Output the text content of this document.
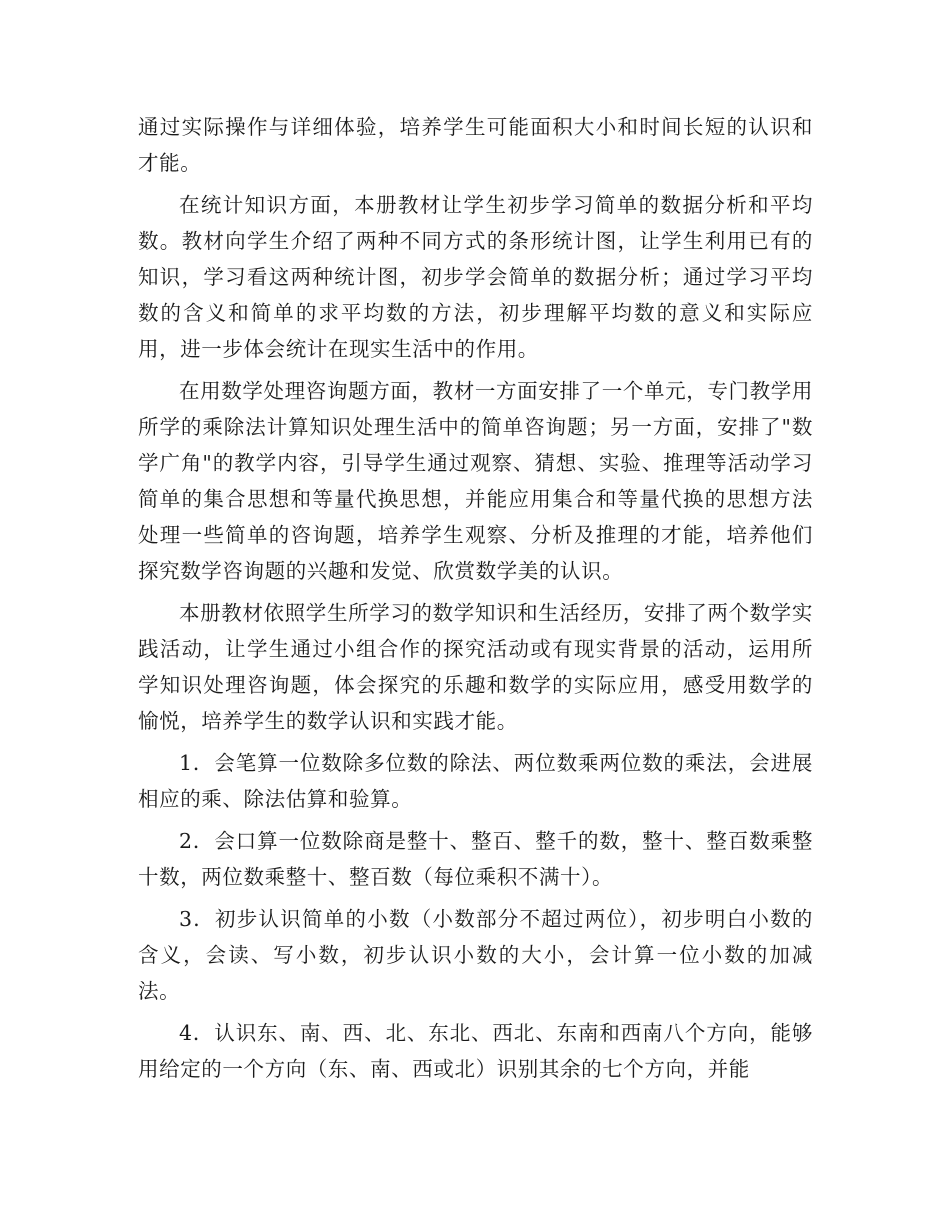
通过实际操作与详细体验，培养学生可能面积大小和时间长短的认识和才能。

在统计知识方面，本册教材让学生初步学习简单的数据分析和平均数。教材向学生介绍了两种不同方式的条形统计图，让学生利用已有的知识，学习看这两种统计图，初步学会简单的数据分析；通过学习平均数的含义和简单的求平均数的方法，初步理解平均数的意义和实际应用，进一步体会统计在现实生活中的作用。

在用数学处理咨询题方面，教材一方面安排了一个单元，专门教学用所学的乘除法计算知识处理生活中的简单咨询题；另一方面，安排了"数学广角"的教学内容，引导学生通过观察、猜想、实验、推理等活动学习简单的集合思想和等量代换思想，并能应用集合和等量代换的思想方法处理一些简单的咨询题，培养学生观察、分析及推理的才能，培养他们探究数学咨询题的兴趣和发觉、欣赏数学美的认识。

本册教材依照学生所学习的数学知识和生活经历，安排了两个数学实践活动，让学生通过小组合作的探究活动或有现实背景的活动，运用所学知识处理咨询题，体会探究的乐趣和数学的实际应用，感受用数学的愉悦，培养学生的数学认识和实践才能。

1．会笔算一位数除多位数的除法、两位数乘两位数的乘法，会进展相应的乘、除法估算和验算。

2．会口算一位数除商是整十、整百、整千的数，整十、整百数乘整十数，两位数乘整十、整百数（每位乘积不满十）。

3．初步认识简单的小数（小数部分不超过两位），初步明白小数的含义，会读、写小数，初步认识小数的大小，会计算一位小数的加减法。

4．认识东、南、西、北、东北、西北、东南和西南八个方向，能够用给定的一个方向（东、南、西或北）识别其余的七个方向，并能
